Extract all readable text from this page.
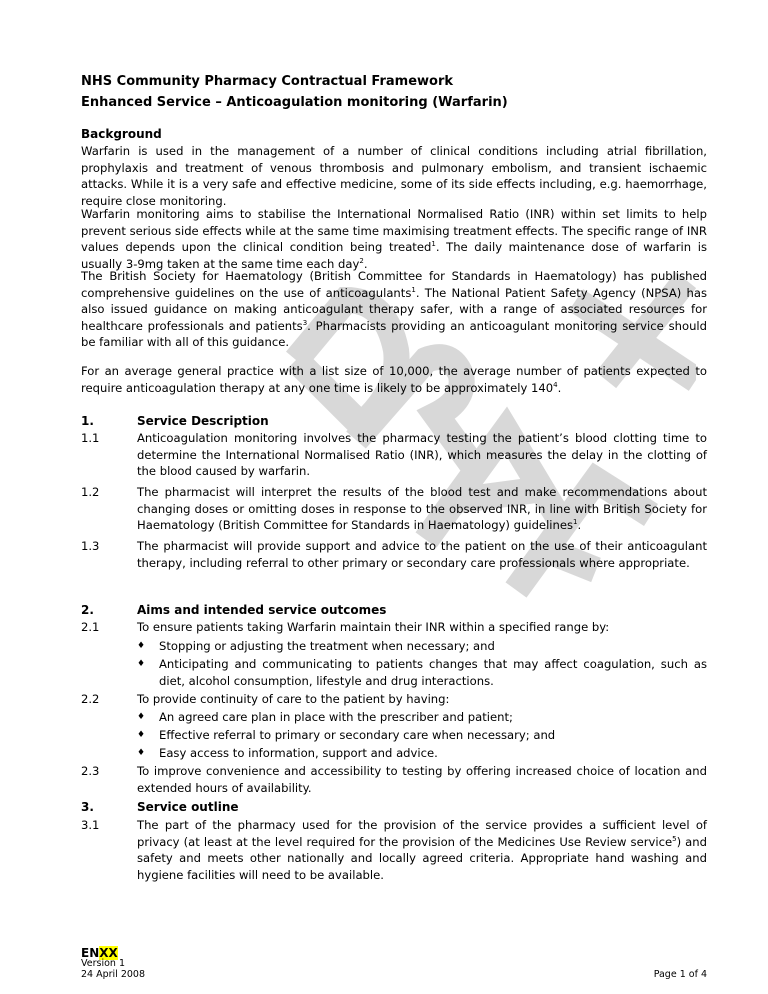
NHS Community Pharmacy Contractual Framework
Enhanced Service – Anticoagulation monitoring (Warfarin)
Background
Warfarin is used in the management of a number of clinical conditions including atrial fibrillation, prophylaxis and treatment of venous thrombosis and pulmonary embolism, and transient ischaemic attacks. While it is a very safe and effective medicine, some of its side effects including, e.g. haemorrhage, require close monitoring.
Warfarin monitoring aims to stabilise the International Normalised Ratio (INR) within set limits to help prevent serious side effects while at the same time maximising treatment effects. The specific range of INR values depends upon the clinical condition being treated$^1$. The daily maintenance dose of warfarin is usually 3-9mg taken at the same time each day$^2$.
The British Society for Haematology (British Committee for Standards in Haematology) has published comprehensive guidelines on the use of anticoagulants$^1$. The National Patient Safety Agency (NPSA) has also issued guidance on making anticoagulant therapy safer, with a range of associated resources for healthcare professionals and patients$^3$. Pharmacists providing an anticoagulant monitoring service should be familiar with all of this guidance.
For an average general practice with a list size of 10,000, the average number of patients expected to require anticoagulation therapy at any one time is likely to be approximately $140^4$.
1.	Service Description
1.1	Anticoagulation monitoring involves the pharmacy testing the patient’s blood clotting time to determine the International Normalised Ratio (INR), which measures the delay in the clotting of the blood caused by warfarin.
1.2	The pharmacist will interpret the results of the blood test and make recommendations about changing doses or omitting doses in response to the observed INR, in line with British Society for Haematology (British Committee for Standards in Haematology) guidelines$^1$.
1.3	The pharmacist will provide support and advice to the patient on the use of their anticoagulant therapy, including referral to other primary or secondary care professionals where appropriate.
2.	Aims and intended service outcomes
2.1	To ensure patients taking Warfarin maintain their INR within a specified range by:
♦ Stopping or adjusting the treatment when necessary; and
♦ Anticipating and communicating to patients changes that may affect coagulation, such as diet, alcohol consumption, lifestyle and drug interactions.
2.2	To provide continuity of care to the patient by having:
♦ An agreed care plan in place with the prescriber and patient;
♦ Effective referral to primary or secondary care when necessary; and
♦ Easy access to information, support and advice.
2.3	To improve convenience and accessibility to testing by offering increased choice of location and extended hours of availability.
3.	Service outline
3.1	The part of the pharmacy used for the provision of the service provides a sufficient level of privacy (at least at the level required for the provision of the Medicines Use Review service$^5$) and safety and meets other nationally and locally agreed criteria. Appropriate hand washing and hygiene facilities will need to be available.
ENXX
Version 1
24 April 2008	Page 1 of 4
